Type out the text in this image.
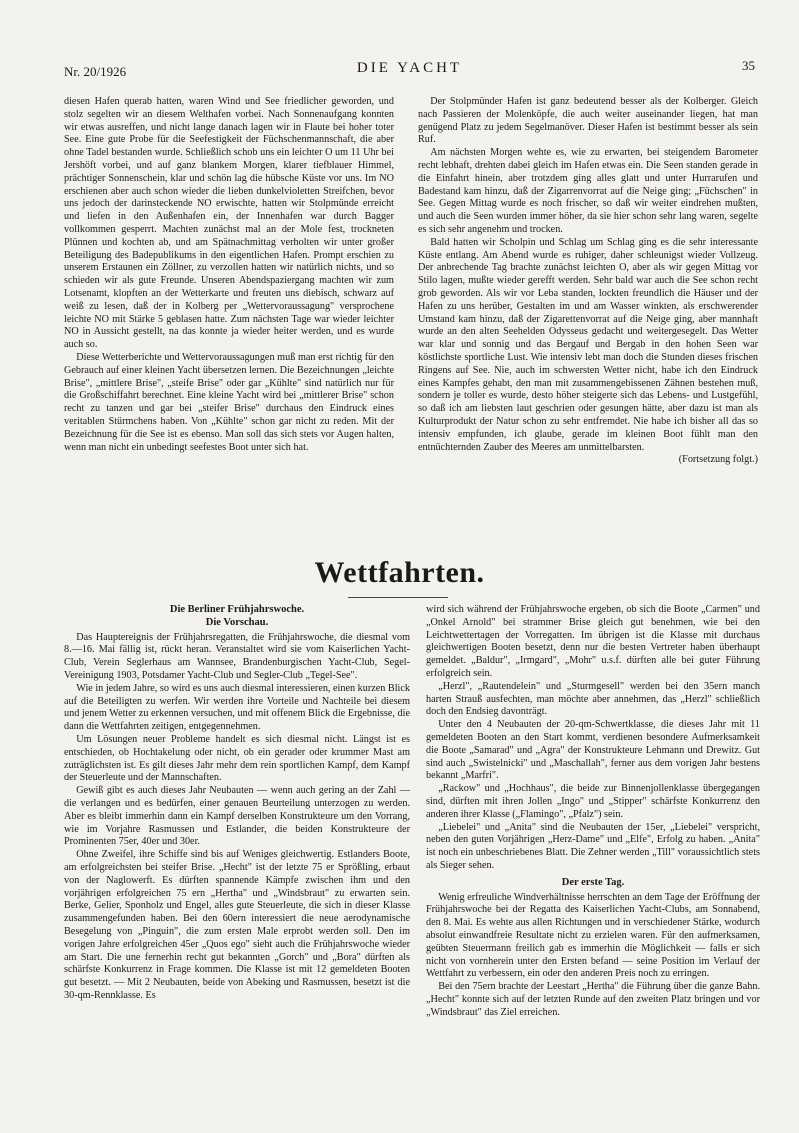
Nr. 20/1926	DIE YACHT	35

diesen Hafen querab hatten, waren Wind und See friedlicher geworden, und stolz segelten wir an diesem Welthafen vorbei. Nach Sonnenaufgang konnten wir etwas ausreffen, und nicht lange danach lagen wir in Flaute bei hoher toter See. Eine gute Probe für die Seefestigkeit der Füchschenmannschaft, die aber ohne Tadel bestanden wurde. Schließlich schob uns ein leichter O um 11 Uhr bei Jershöft vorbei, und auf ganz blankem Morgen, klarer tiefblauer Himmel, prächtiger Sonnenschein, klar und schön lag die hübsche Küste vor uns. Im NO erschienen aber auch schon wieder die lieben dunkelvioletten Streifchen, bevor uns jedoch der darinsteckende NO erwischte, hatten wir Stolpmünde erreicht und liefen in den Außenhafen ein, der Innenhafen war durch Bagger vollkommen gesperrt. Machten zunächst mal an der Mole fest, trockneten Plünnen und kochten ab, und am Spätnachmittag verholten wir unter großer Beteiligung des Badepublikums in den eigentlichen Hafen. Prompt erschien zu unserem Erstaunen ein Zöllner, zu verzollen hatten wir natürlich nichts, und so schieden wir als gute Freunde. Unseren Abendspaziergang machten wir zum Lotsenamt, klopften an der Wetterkarte und freuten uns diebisch, schwarz auf weiß zu lesen, daß der in Kolberg per „Wettervoraussagung" versprochene leichte NO mit Stärke 5 geblasen hatte. Zum nächsten Tage war wieder leichter NO in Aussicht gestellt, na das konnte ja wieder heiter werden, und es wurde auch so.

Diese Wetterberichte und Wettervoraussagungen muß man erst richtig für den Gebrauch auf einer kleinen Yacht übersetzen lernen. Die Bezeichnungen „leichte Brise", „mittlere Brise", „steife Brise" oder gar „Kühlte" sind natürlich nur für die Großschiffahrt berechnet. Eine kleine Yacht wird bei „mittlerer Brise" schon recht zu tanzen und gar bei „steifer Brise" durchaus den Eindruck eines veritablen Stürmchens haben. Von „Kühlte" schon gar nicht zu reden. Mit der Bezeichnung für die See ist es ebenso. Man soll das sich stets vor Augen halten, wenn man nicht ein unbedingt seefestes Boot unter sich hat.

Der Stolpmünder Hafen ist ganz bedeutend besser als der Kolberger. Gleich nach Passieren der Molenköpfe, die auch weiter auseinander liegen, hat man genügend Platz zu jedem Segelmanöver. Dieser Hafen ist bestimmt besser als sein Ruf.

Am nächsten Morgen wehte es, wie zu erwarten, bei steigendem Barometer recht lebhaft, drehten dabei gleich im Hafen etwas ein. Die Seen standen gerade in die Einfahrt hinein, aber trotzdem ging alles glatt und unter Hurrarufen und Badestand kam hinzu, daß der Zigarrenvorrat auf die Neige ging; „Füchschen" in See. Gegen Mittag wurde es noch frischer, so daß wir weiter eindrehen mußten, und auch die Seen wurden immer höher, da sie hier schon sehr lang waren, segelte es sich sehr angenehm und trocken.

Bald hatten wir Scholpin und Schlag um Schlag ging es die sehr interessante Küste entlang. Am Abend wurde es ruhiger, daher schleunigst wieder Vollzeug. Der anbrechende Tag brachte zunächst leichten O, aber als wir gegen Mittag vor Stilo lagen, mußte wieder gerefft werden. Sehr bald war auch die See schon recht grob geworden. Als wir vor Leba standen, lockten freundlich die Häuser und der Hafen zu uns herüber, Gestalten im und am Wasser winkten, als erschwerender Umstand kam hinzu, daß der Zigarettenvorrat auf die Neige ging, aber mannhaft wurde an den alten Seehelden Odysseus gedacht und weitergesegelt. Das Wetter war klar und sonnig und das Bergauf und Bergab in den hohen Seen war köstlichste sportliche Lust. Wie intensiv lebt man doch die Stunden dieses frischen Ringens auf See. Nie, auch im schwersten Wetter nicht, habe ich den Eindruck eines Kampfes gehabt, den man mit zusammengebissenen Zähnen bestehen muß, sondern je toller es wurde, desto höher steigerte sich das Lebens- und Lustgefühl, so daß ich am liebsten laut geschrien oder gesungen hätte, aber dazu ist man als Kulturprodukt der Natur schon zu sehr entfremdet. Nie habe ich bisher all das so intensiv empfunden, ich glaube, gerade im kleinen Boot fühlt man den entnüchternden Zauber des Meeres am unmittelbarsten.

(Fortsetzung folgt.)

Wettfahrten.

Die Berliner Frühjahrswoche.

Die Vorschau.

Das Hauptereignis der Frühjahrsregatten, die Frühjahrswoche, die diesmal vom 8.—16. Mai fällig ist, rückt heran. Veranstaltet wird sie vom Kaiserlichen Yacht-Club, Verein Seglerhaus am Wannsee, Brandenburgischen Yacht-Club, Segel-Vereinigung 1903, Potsdamer Yacht-Club und Segler-Club „Tegel-See".

Wie in jedem Jahre, so wird es uns auch diesmal interessieren, einen kurzen Blick auf die Beteiligten zu werfen. Wir werden ihre Vorteile und Nachteile bei diesem und jenem Wetter zu erkennen versuchen, und mit offenem Blick die Ergebnisse, die dann die Wettfahrten zeitigen, entgegennehmen.

Um Lösungen neuer Probleme handelt es sich diesmal nicht. Längst ist es entschieden, ob Hochtakelung oder nicht, ob ein gerader oder krummer Mast am zuträglichsten ist. Es gilt dieses Jahr mehr dem rein sportlichen Kampf, dem Kampf der Steuerleute und der Mannschaften.

Gewiß gibt es auch dieses Jahr Neubauten — wenn auch gering an der Zahl — die verlangen und es bedürfen, einer genauen Beurteilung unterzogen zu werden. Aber es bleibt immerhin dann ein Kampf derselben Konstrukteure um den Vorrang, wie im Vorjahre Rasmussen und Estlander, die beiden Konstrukteure der Prominenten 75er, 40er und 30er.

Ohne Zweifel, ihre Schiffe sind bis auf Weniges gleichwertig. Estlanders Boote, am erfolgreichsten bei steifer Brise. „Hecht" ist der letzte 75 er Sprößling, erbaut von der Naglowerft. Es dürften spannende Kämpfe zwischen ihm und den vorjährigen erfolgreichen 75 ern „Hertha" und „Windsbraut" zu erwarten sein. Berke, Gelier, Sponholz und Engel, alles gute Steuerleute, die sich in dieser Klasse zusammengefunden haben. Bei den 60ern interessiert die neue aerodynamische Besegelung von „Pinguin", die zum ersten Male erprobt werden soll. Den im vorigen Jahre erfolgreichen 45er „Quos ego" sieht auch die Frühjahrswoche wieder am Start. Die une fernerhin recht gut bekannten „Gorch" und „Bora" dürften als schärfste Konkurrenz in Frage kommen. Die Klasse ist mit 12 gemeldeten Booten gut besetzt. — Mit 2 Neubauten, beide von Abeking und Rasmussen, besetzt ist die 30-qm-Rennklasse. Es

wird sich während der Frühjahrswoche ergeben, ob sich die Boote „Carmen" und „Onkel Arnold" bei strammer Brise gleich gut benehmen, wie bei den Leichtwettertagen der Vorregatten. Im übrigen ist die Klasse mit durchaus gleichwertigen Booten besetzt, denn nur die besten Vertreter haben überhaupt gemeldet. „Baldur", „Irmgard", „Mohr" u.s.f. dürften alle bei guter Führung erfolgreich sein.

„Herzl", „Rautendelein" und „Sturmgesell" werden bei den 35ern manch harten Strauß ausfechten, man möchte aber annehmen, das „Herzl" schließlich doch den Endsieg davonträgt.

Unter den 4 Neubauten der 20-qm-Schwertklasse, die dieses Jahr mit 11 gemeldeten Booten an den Start kommt, verdienen besondere Aufmerksamkeit die Boote „Samarad" und „Agra" der Konstrukteure Lehmann und Drewitz. Gut sind auch „Swistelnicki" und „Maschallah", ferner aus dem vorigen Jahr bestens bekannt „Marfri".

„Rackow" und „Hochhaus", die beide zur Binnenjollenklasse übergegangen sind, dürften mit ihren Jollen „Ingo" und „Stipper" schärfste Konkurrenz den anderen ihrer Klasse („Flamingo", „Pfalz") sein.

„Liebelei" und „Anita" sind die Neubauten der 15er, „Liebelei" verspricht, neben den guten Vorjährigen „Herz-Dame" und „Elfe", Erfolg zu haben. „Anita" ist noch ein unbeschriebenes Blatt. Die Zehner werden „Till" voraussichtlich stets als Sieger sehen.

Der erste Tag.

Wenig erfreuliche Windverhältnisse herrschten an dem Tage der Eröffnung der Frühjahrswoche bei der Regatta des Kaiserlichen Yacht-Clubs, am Sonnabend, den 8. Mai. Es wehte aus allen Richtungen und in verschiedener Stärke, wodurch absolut einwandfreie Resultate nicht zu erzielen waren. Für den aufmerksamen, geübten Steuermann freilich gab es immerhin die Möglichkeit — falls er sich nicht von vornherein unter den Ersten befand — seine Position im Verlauf der Wettfahrt zu verbessern, ein oder den anderen Preis noch zu erringen.

Bei den 75ern brachte der Leestart „Hertha" die Führung über die ganze Bahn. „Hecht" konnte sich auf der letzten Runde auf den zweiten Platz bringen und vor „Windsbraut" das Ziel erreichen.
